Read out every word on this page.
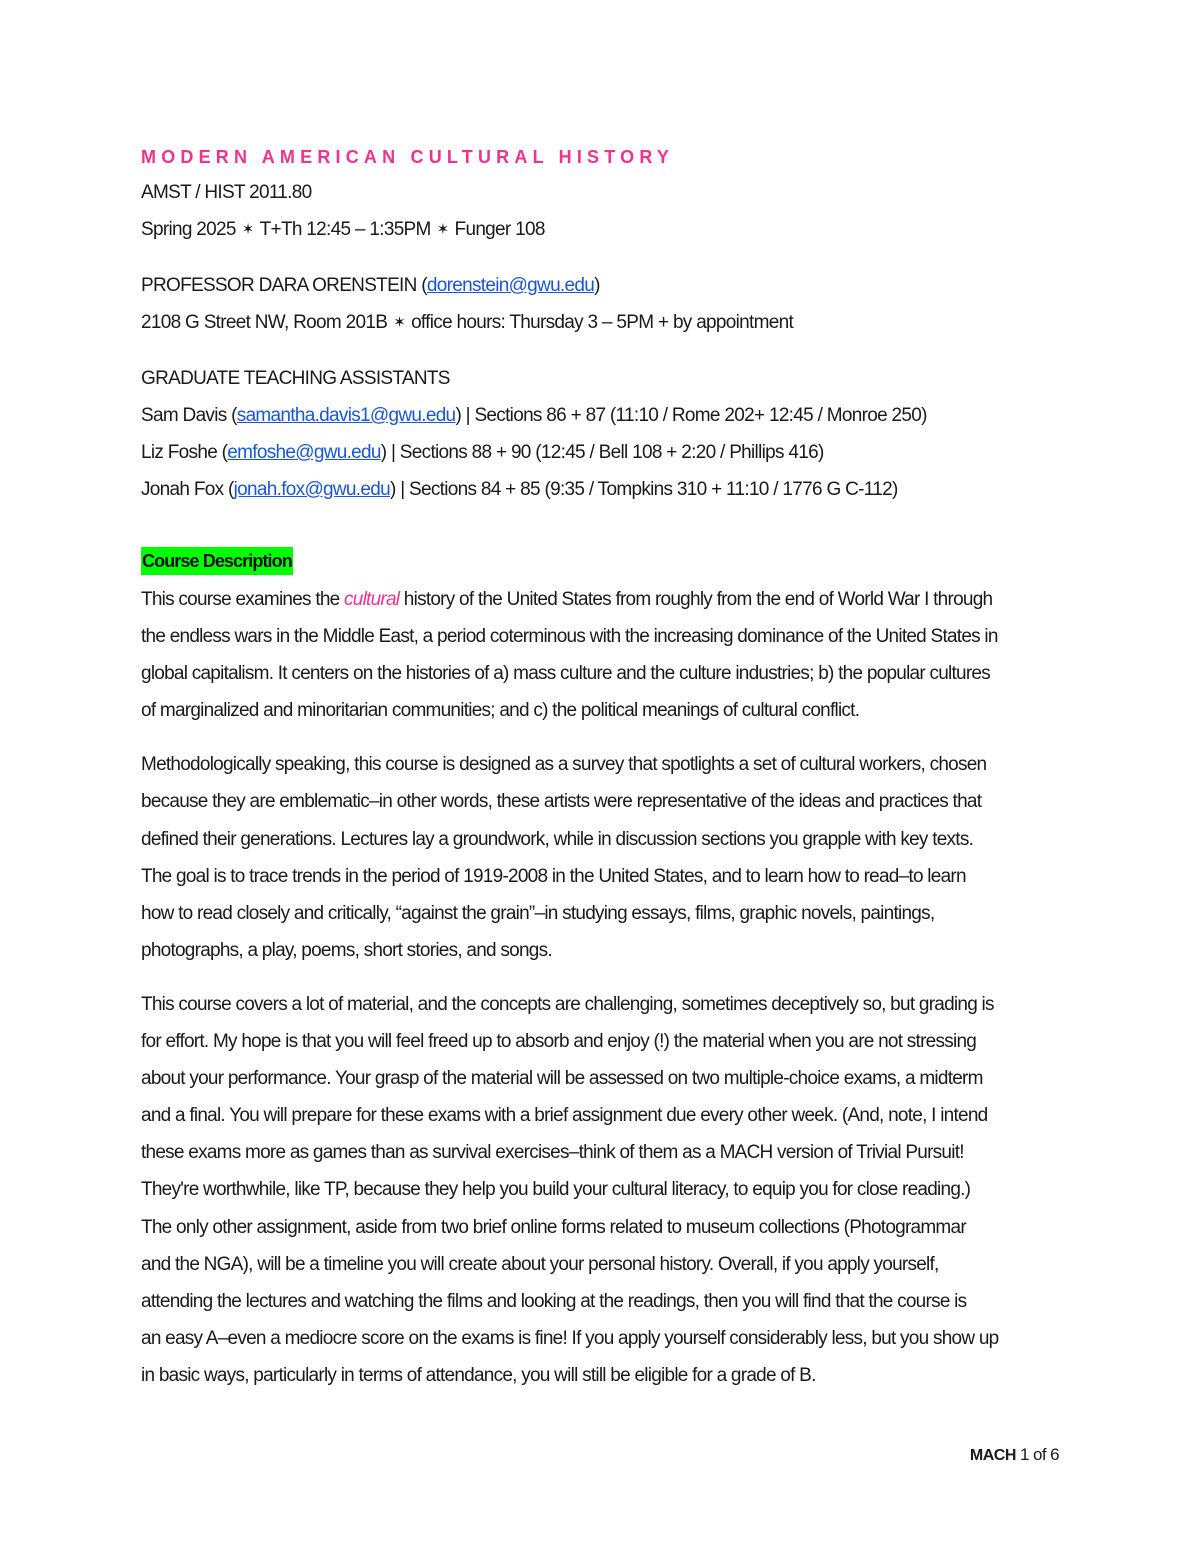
MODERN AMERICAN CULTURAL HISTORY
AMST / HIST 2011.80
Spring 2025 ✶ T+Th 12:45 – 1:35PM ✶ Funger 108
PROFESSOR DARA ORENSTEIN (dorenstein@gwu.edu)
2108 G Street NW, Room 201B ✶ office hours: Thursday 3 – 5PM + by appointment
GRADUATE TEACHING ASSISTANTS
Sam Davis (samantha.davis1@gwu.edu) | Sections 86 + 87 (11:10 / Rome 202+ 12:45 / Monroe 250)
Liz Foshe (emfoshe@gwu.edu) | Sections 88 + 90 (12:45 / Bell 108 + 2:20 / Phillips 416)
Jonah Fox (jonah.fox@gwu.edu) | Sections 84 + 85 (9:35 / Tompkins 310 + 11:10 / 1776 G C-112)
Course Description
This course examines the cultural history of the United States from roughly from the end of World War I through
the endless wars in the Middle East, a period coterminous with the increasing dominance of the United States in
global capitalism. It centers on the histories of a) mass culture and the culture industries; b) the popular cultures
of marginalized and minoritarian communities; and c) the political meanings of cultural conflict.
Methodologically speaking, this course is designed as a survey that spotlights a set of cultural workers, chosen
because they are emblematic–in other words, these artists were representative of the ideas and practices that
defined their generations. Lectures lay a groundwork, while in discussion sections you grapple with key texts.
The goal is to trace trends in the period of 1919-2008 in the United States, and to learn how to read–to learn
how to read closely and critically, “against the grain”–in studying essays, films, graphic novels, paintings,
photographs, a play, poems, short stories, and songs.
This course covers a lot of material, and the concepts are challenging, sometimes deceptively so, but grading is
for effort. My hope is that you will feel freed up to absorb and enjoy (!) the material when you are not stressing
about your performance. Your grasp of the material will be assessed on two multiple-choice exams, a midterm
and a final. You will prepare for these exams with a brief assignment due every other week. (And, note, I intend
these exams more as games than as survival exercises–think of them as a MACH version of Trivial Pursuit!
They're worthwhile, like TP, because they help you build your cultural literacy, to equip you for close reading.)
The only other assignment, aside from two brief online forms related to museum collections (Photogrammar
and the NGA), will be a timeline you will create about your personal history. Overall, if you apply yourself,
attending the lectures and watching the films and looking at the readings, then you will find that the course is
an easy A–even a mediocre score on the exams is fine! If you apply yourself considerably less, but you show up
in basic ways, particularly in terms of attendance, you will still be eligible for a grade of B.
MACH 1 of 6
